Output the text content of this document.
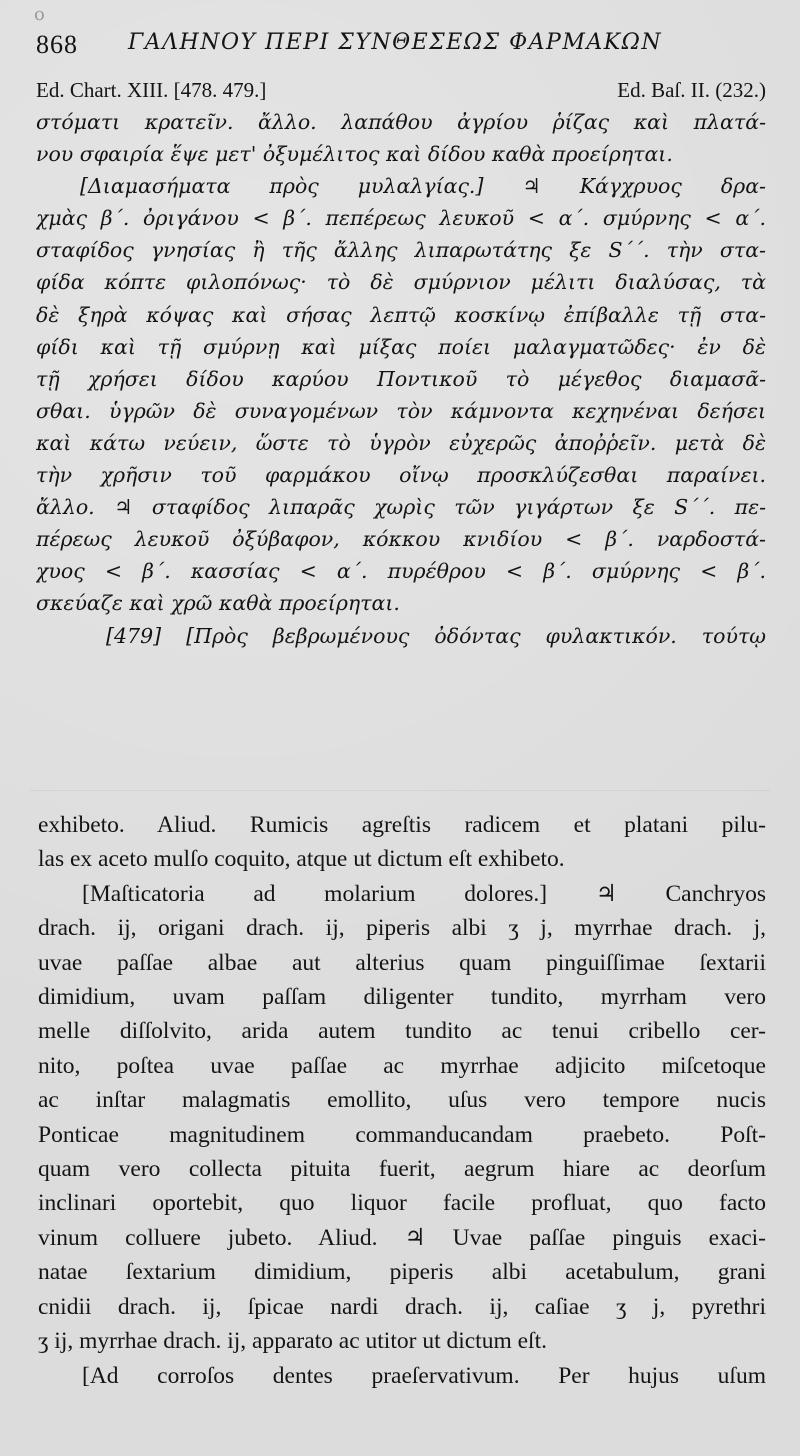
o
868 ΓΑΛΗΝΟΥ ΠΕΡΙ ΣΥΝΘΕΣΕΩΣ ΦΑΡΜΑΚΩΝ
Ed. Chart. XIII. [478. 479.]	Ed. Baſ. II. (232.)
στόματι κρατεῖν. ἄλλο. λαπάθου ἀγρίου ῥίζας καὶ πλατά-
νου σφαιρία ἕψε μετ' ὀξυμέλιτος καὶ δίδου καθὰ προείρηται.
[Διαμασήματα πρὸς μυλαλγίας.] ♃ Κάγχρυος δρα-
χμὰς β΄. ὀριγάνου < β΄. πεπέρεως λευκοῦ < α΄. σμύρνης < α΄.
σταφίδος γνησίας ἢ τῆς ἄλλης λιπαρωτάτης ξε S΄΄. τὴν στα-
φίδα κόπτε φιλοπόνως· τὸ δὲ σμύρνιον μέλιτι διαλύσας, τὰ
δὲ ξηρὰ κόψας καὶ σήσας λεπτῷ κοσκίνῳ ἐπίβαλλε τῇ στα-
φίδι καὶ τῇ σμύρνῃ καὶ μίξας ποίει μαλαγματῶδες· ἐν δὲ
τῇ χρήσει δίδου καρύου Ποντικοῦ τὸ μέγεθος διαμασᾶ-
σθαι. ὑγρῶν δὲ συναγομένων τὸν κάμνοντα κεχηνέναι δεήσει
καὶ κάτω νεύειν, ὥστε τὸ ὑγρὸν εὐχερῶς ἀποῤῥεῖν. μετὰ δὲ
τὴν χρῆσιν τοῦ φαρμάκου οἴνῳ προσκλύζεσθαι παραίνει.
ἄλλο. ♃ σταφίδος λιπαρᾶς χωρὶς τῶν γιγάρτων ξε S΄΄. πε-
πέρεως λευκοῦ ὀξύβαφον, κόκκου κνιδίου < β΄. ναρδοστά-
χυος < β΄. κασσίας < α΄. πυρέθρου < β΄. σμύρνης < β΄.
σκεύαζε καὶ χρῶ καθὰ προείρηται.
[479] [Πρὸς βεβρωμένους ὀδόντας φυλακτικόν. τούτῳ
exhibeto. Aliud. Rumicis agreſtis radicem et platani pilu-
las ex aceto mulſo coquito, atque ut dictum eſt exhibeto.
[Maſticatoria ad molarium dolores.] ♃ Canchryos
drach. ij, origani drach. ij, piperis albi ʒ j, myrrhae drach. j,
uvae paſſae albae aut alterius quam pinguiſſimae ſextarii
dimidium, uvam paſſam diligenter tundito, myrrham vero
melle diſſolvito, arida autem tundito ac tenui cribello cer-
nito, poſtea uvae paſſae ac myrrhae adjicito miſcetoque
ac inſtar malagmatis emollito, uſus vero tempore nucis
Ponticae magnitudinem commanducandam praebeto. Poſt-
quam vero collecta pituita fuerit, aegrum hiare ac deorſum
inclinari oportebit, quo liquor facile profluat, quo facto
vinum colluere jubeto. Aliud. ♃ Uvae paſſae pinguis exaci-
natae ſextarium dimidium, piperis albi acetabulum, grani
cnidii drach. ij, ſpicae nardi drach. ij, caſiae ʒ j, pyrethri
ʒ ij, myrrhae drach. ij, apparato ac utitor ut dictum eſt.
[Ad corroſos dentes praeſervativum. Per hujus uſum
